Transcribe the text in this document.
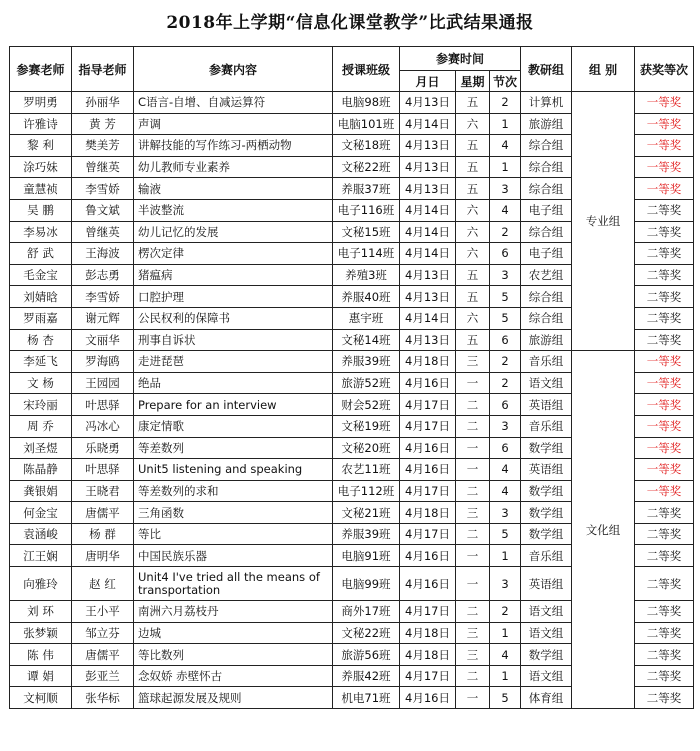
2018年上学期“信息化课堂教学”比武结果通报
参赛老师	指导老师	参赛内容	授课班级	参赛时间			教研组	组 别	获奖等次
				月日	星期	节次			
罗明勇	孙丽华	C语言-自增、自减运算符	电脑98班	4月13日	五	2	计算机	专业组	一等奖
许雅诗	黄 芳	声调	电脑101班	4月14日	六	1	旅游组		一等奖
黎 利	樊美芳	讲解技能的写作练习-两栖动物	文秘18班	4月13日	五	4	综合组		一等奖
涂巧妹	曾继英	幼儿教师专业素养	文秘22班	4月13日	五	1	综合组		一等奖
童慧祯	李雪娇	输液	养服37班	4月13日	五	3	综合组		一等奖
吴 鹏	鲁文斌	半波整流	电子116班	4月14日	六	4	电子组		二等奖
李易冰	曾继英	幼儿记忆的发展	文秘15班	4月14日	六	2	综合组		二等奖
舒 武	王海波	楞次定律	电子114班	4月14日	六	6	电子组		二等奖
毛金宝	彭志勇	猪瘟病	养殖3班	4月13日	五	3	农艺组		二等奖
刘婧晗	李雪娇	口腔护理	养服40班	4月13日	五	5	综合组		二等奖
罗雨嘉	谢元辉	公民权利的保障书	惠宇班	4月14日	六	5	综合组		二等奖
杨 杏	文丽华	刑事自诉状	文秘14班	4月13日	五	6	旅游组		二等奖
李延飞	罗海鸥	走进琵琶	养服39班	4月18日	三	2	音乐组	文化组	一等奖
文 杨	王园园	绝品	旅游52班	4月16日	一	2	语文组		一等奖
宋玲丽	叶思驿	Prepare for an interview	财会52班	4月17日	二	6	英语组		一等奖
周 乔	冯冰心	康定情歌	文秘19班	4月17日	二	3	音乐组		一等奖
刘圣煜	乐晓勇	等差数列	文秘20班	4月16日	一	6	数学组		一等奖
陈晶静	叶思驿	Unit5 listening and speaking	农艺11班	4月16日	一	4	英语组		一等奖
龚银娟	王晓君	等差数列的求和	电子112班	4月17日	二	4	数学组		一等奖
何金宝	唐儒平	三角函数	文秘21班	4月18日	三	3	数学组		二等奖
袁涵峻	杨 群	等比	养服39班	4月17日	二	5	数学组		二等奖
江王娴	唐明华	中国民族乐器	电脑91班	4月16日	一	1	音乐组		二等奖
向雅玲	赵 红	Unit4 I've tried all the means of transportation	电脑99班	4月16日	一	3	英语组		二等奖
刘 环	王小平	南洲六月荔枝丹	商外17班	4月17日	二	2	语文组		二等奖
张梦颖	邹立芬	边城	文秘22班	4月18日	三	1	语文组		二等奖
陈 伟	唐儒平	等比数列	旅游56班	4月18日	三	4	数学组		二等奖
谭 娟	彭亚兰	念奴娇 赤壁怀古	养服42班	4月17日	二	1	语文组		二等奖
文柯顺	张华标	篮球起源发展及规则	机电71班	4月16日	一	5	体育组		二等奖
